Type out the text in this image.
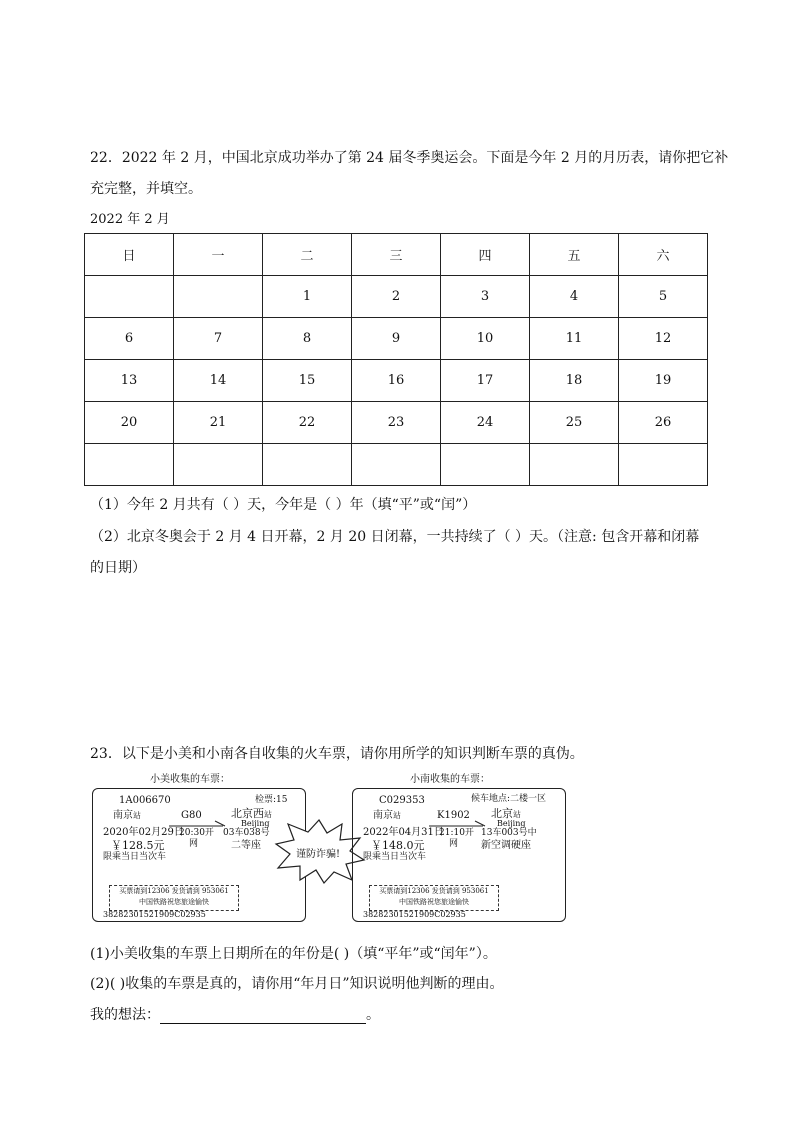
22．2022 年 2 月，中国北京成功举办了第 24 届冬季奥运会。下面是今年 2 月的月历表，请你把它补
充完整，并填空。
2022 年 2 月
日	一	二	三	四	五	六
		1	2	3	4	5
6	7	8	9	10	11	12
13	14	15	16	17	18	19
20	21	22	23	24	25	26

（1）今年 2 月共有（ ）天，今年是（ ）年（填“平”或“闰”）
（2）北京冬奥会于 2 月 4 日开幕，2 月 20 日闭幕，一共持续了（ ）天。（注意: 包含开幕和闭幕
的日期）
23．以下是小美和小南各自收集的火车票，请你用所学的知识判断车票的真伪。
小美收集的车票：	小南收集的车票：
1A006670	检票:15
南京站	G80	北京西站
Beijing
2020年02月29日
20:30开 03车038号
￥128.5元	网	二等座
限乘当日当次车
买票请到12306 发货请到 953061
中国铁路祝您旅途愉快
38282301521909C02935
谨防诈骗!
C029353	候车地点:二楼一区
南京站	K1902 北京站
Beijing
2022年04月31日
21:10开 13车003号中
￥148.0元	网 新空调硬座
限乘当日当次车
买票请到12306 发货请到 953061
中国铁路祝您旅途愉快
38282301521909C02935
(1)小美收集的车票上日期所在的年份是( )（填“平年”或“闰年”）。
(2)( )收集的车票是真的，请你用“年月日”知识说明他判断的理由。
我的想法：	。
